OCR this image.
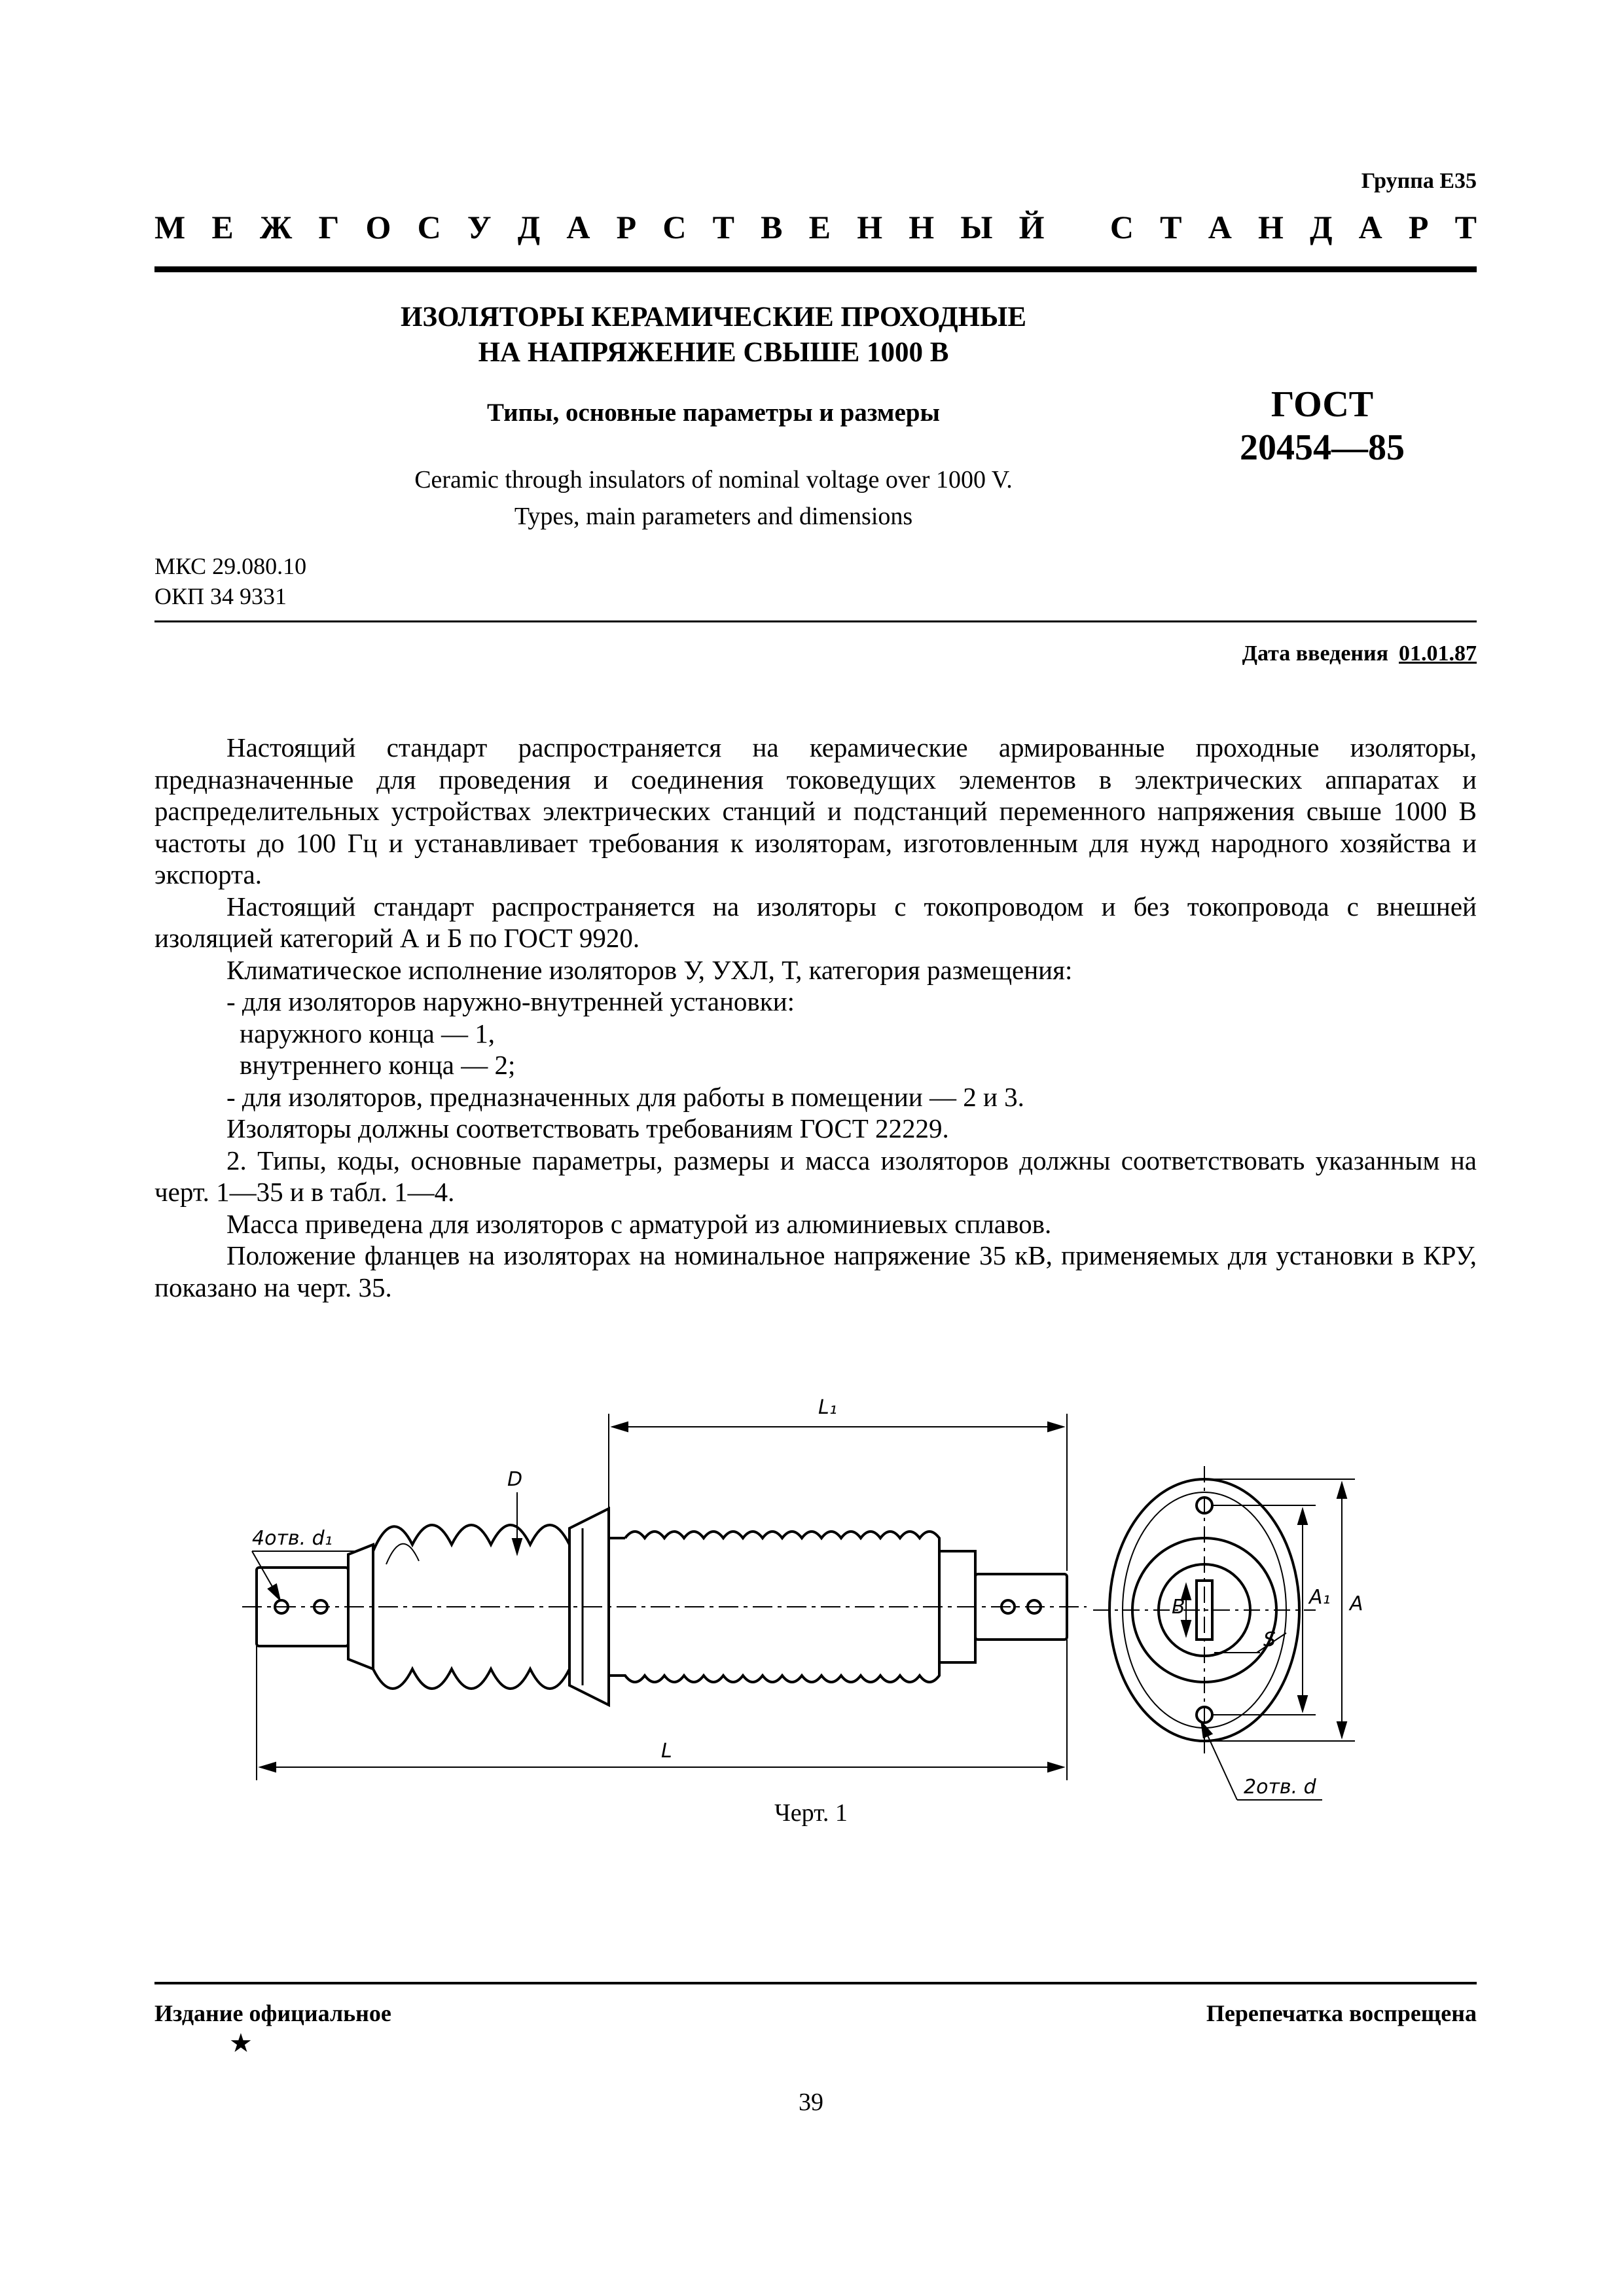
Группа Е35
М Е Ж Г О С У Д А Р С Т В Е Н Н Ы Й С Т А Н Д А Р Т
ИЗОЛЯТОРЫ КЕРАМИЧЕСКИЕ ПРОХОДНЫЕ
НА НАПРЯЖЕНИЕ СВЫШЕ 1000 В
Типы, основные параметры и размеры	ГОСТ
20454—85
Ceramic through insulators of nominal voltage over 1000 V.
Types, main parameters and dimensions
МКС 29.080.10
ОКП 34 9331
Дата введения 01.01.87

Настоящий стандарт распространяется на керамические армированные проходные изоляторы, предназначенные для проведения и соединения токоведущих элементов в электрических аппаратах и распределительных устройствах электрических станций и подстанций переменного напряжения свыше 1000 В частоты до 100 Гц и устанавливает требования к изоляторам, изготовленным для нужд народного хозяйства и экспорта.

Настоящий стандарт распространяется на изоляторы с токопроводом и без токопровода с внешней изоляцией категорий А и Б по ГОСТ 9920.

Климатическое исполнение изоляторов У, УХЛ, Т, категория размещения:

- для изоляторов наружно-внутренней установки:

наружного конца — 1,

внутреннего конца — 2;

- для изоляторов, предназначенных для работы в помещении — 2 и 3.

Изоляторы должны соответствовать требованиям ГОСТ 22229.

2. Типы, коды, основные параметры, размеры и масса изоляторов должны соответствовать указанным на черт. 1—35 и в табл. 1—4.

Масса приведена для изоляторов с арматурой из алюминиевых сплавов.

Положение фланцев на изоляторах на номинальное напряжение 35 кВ, применяемых для установки в КРУ, показано на черт. 35.

L₁
L
D
4отв. d₁
B
S
A₁ A
2отв. d
Черт. 1
Издание официальное
★
Перепечатка воспрещена
39
